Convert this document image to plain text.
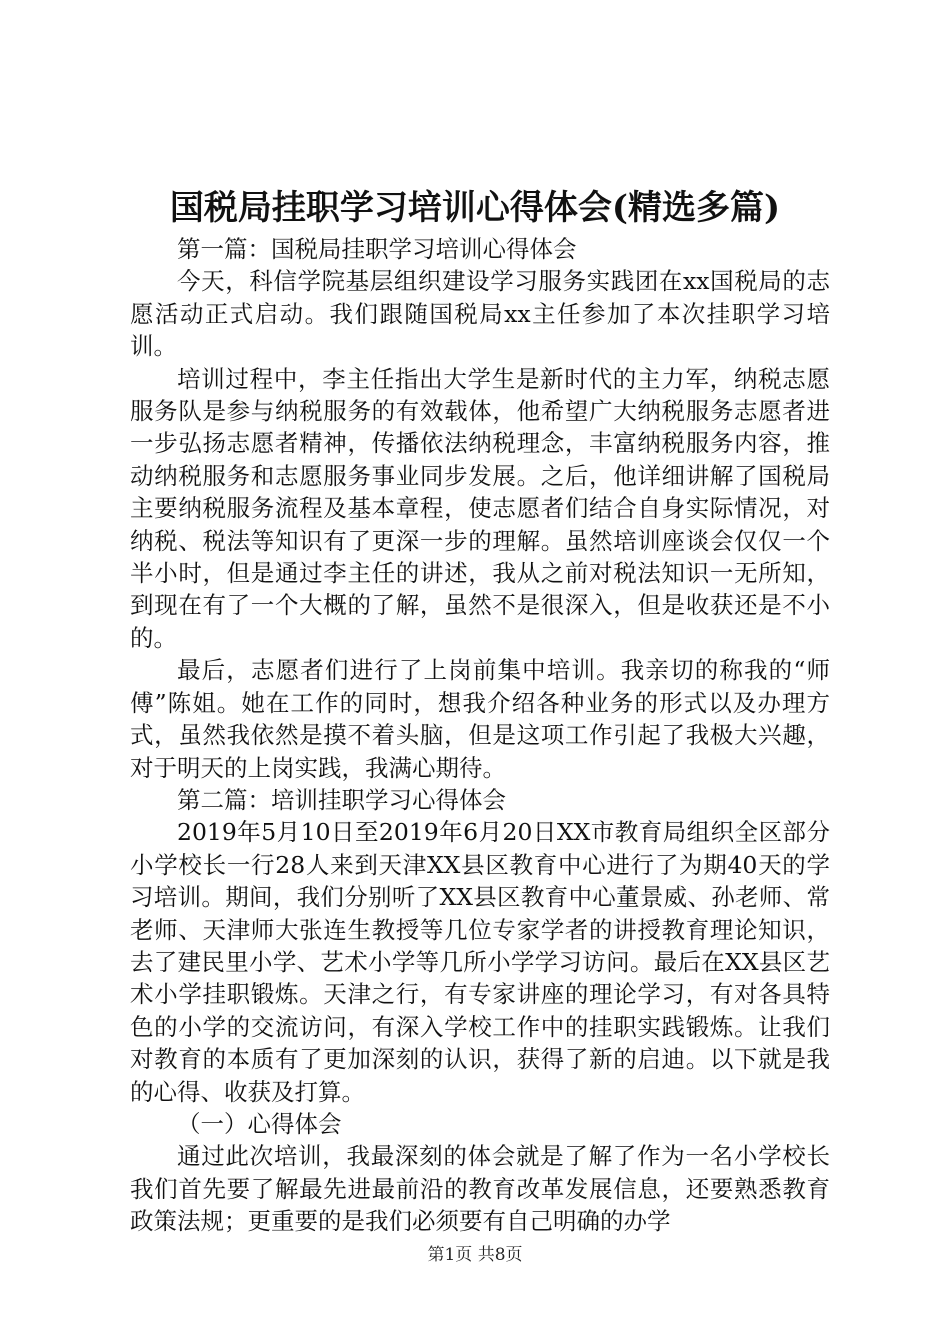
国税局挂职学习培训心得体会(精选多篇)

第一篇：国税局挂职学习培训心得体会

今天，科信学院基层组织建设学习服务实践团在xx国税局的志愿活动正式启动。我们跟随国税局xx主任参加了本次挂职学习培训。

培训过程中，李主任指出大学生是新时代的主力军，纳税志愿服务队是参与纳税服务的有效载体，他希望广大纳税服务志愿者进一步弘扬志愿者精神，传播依法纳税理念，丰富纳税服务内容，推动纳税服务和志愿服务事业同步发展。之后，他详细讲解了国税局主要纳税服务流程及基本章程，使志愿者们结合自身实际情况，对纳税、税法等知识有了更深一步的理解。虽然培训座谈会仅仅一个半小时，但是通过李主任的讲述，我从之前对税法知识一无所知，到现在有了一个大概的了解，虽然不是很深入，但是收获还是不小的。

最后，志愿者们进行了上岗前集中培训。我亲切的称我的“师傅”陈姐。她在工作的同时，想我介绍各种业务的形式以及办理方式，虽然我依然是摸不着头脑，但是这项工作引起了我极大兴趣，对于明天的上岗实践，我满心期待。

第二篇：培训挂职学习心得体会

2019年5月10日至2019年6月20日XX市教育局组织全区部分小学校长一行28人来到天津XX县区教育中心进行了为期40天的学习培训。期间，我们分别听了XX县区教育中心董景威、孙老师、常老师、天津师大张连生教授等几位专家学者的讲授教育理论知识，去了建民里小学、艺术小学等几所小学学习访问。最后在XX县区艺术小学挂职锻炼。天津之行，有专家讲座的理论学习，有对各具特色的小学的交流访问，有深入学校工作中的挂职实践锻炼。让我们对教育的本质有了更加深刻的认识，获得了新的启迪。以下就是我的心得、收获及打算。

（一）心得体会

通过此次培训，我最深刻的体会就是了解了作为一名小学校长我们首先要了解最先进最前沿的教育改革发展信息，还要熟悉教育政策法规；更重要的是我们必须要有自己明确的办学

第1页 共8页
